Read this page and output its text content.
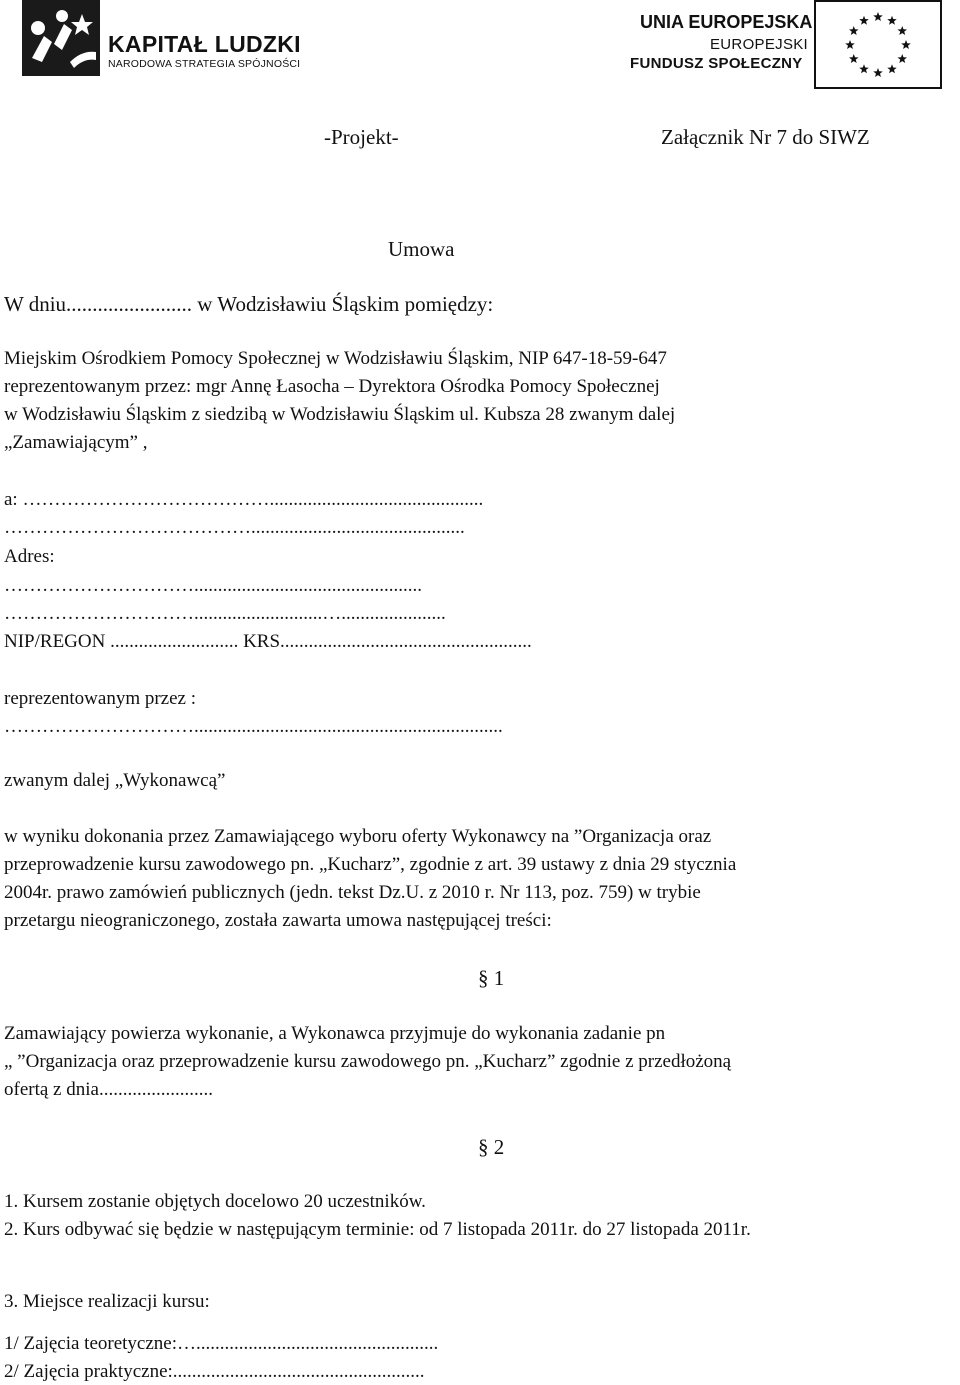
KAPITAŁ LUDZKI
NARODOWA STRATEGIA SPÓJNOŚCI
UNIA EUROPEJSKA
EUROPEJSKI
FUNDUSZ SPOŁECZNY
-Projekt-	Załącznik Nr 7 do SIWZ
Umowa
W dniu........................ w Wodzisławiu Śląskim pomiędzy:
Miejskim Ośrodkiem Pomocy Społecznej w Wodzisławiu Śląskim, NIP 647-18-59-647
reprezentowanym przez: mgr Annę Łasocha – Dyrektora Ośrodka Pomocy Społecznej
w Wodzisławiu Śląskim z siedzibą w Wodzisławiu Śląskim ul. Kubsza 28 zwanym dalej
„Zamawiającym” ,
a: ………………………………….............................................
………………………………….............................................
Adres:
…………………………................................................
…………………………...........................…......................
NIP/REGON ........................... KRS.....................................................
reprezentowanym przez :
………………………….................................................................
zwanym dalej „Wykonawcą”
w wyniku dokonania przez Zamawiającego wyboru oferty Wykonawcy na ”Organizacja oraz
przeprowadzenie kursu zawodowego pn. „Kucharz”, zgodnie z art. 39 ustawy z dnia 29 stycznia
2004r. prawo zamówień publicznych (jedn. tekst Dz.U. z 2010 r. Nr 113, poz. 759) w trybie
przetargu nieograniczonego, została zawarta umowa następującej treści:
§ 1
Zamawiający powierza wykonanie, a Wykonawca przyjmuje do wykonania zadanie pn
„ ”Organizacja oraz przeprowadzenie kursu zawodowego pn. „Kucharz” zgodnie z przedłożoną
ofertą z dnia........................
§ 2
1. Kursem zostanie objętych docelowo 20 uczestników.
2. Kurs odbywać się będzie w następującym terminie: od 7 listopada 2011r. do 27 listopada 2011r.
3. Miejsce realizacji kursu:
1/ Zajęcia teoretyczne:…...................................................
2/ Zajęcia praktyczne:.....................................................
